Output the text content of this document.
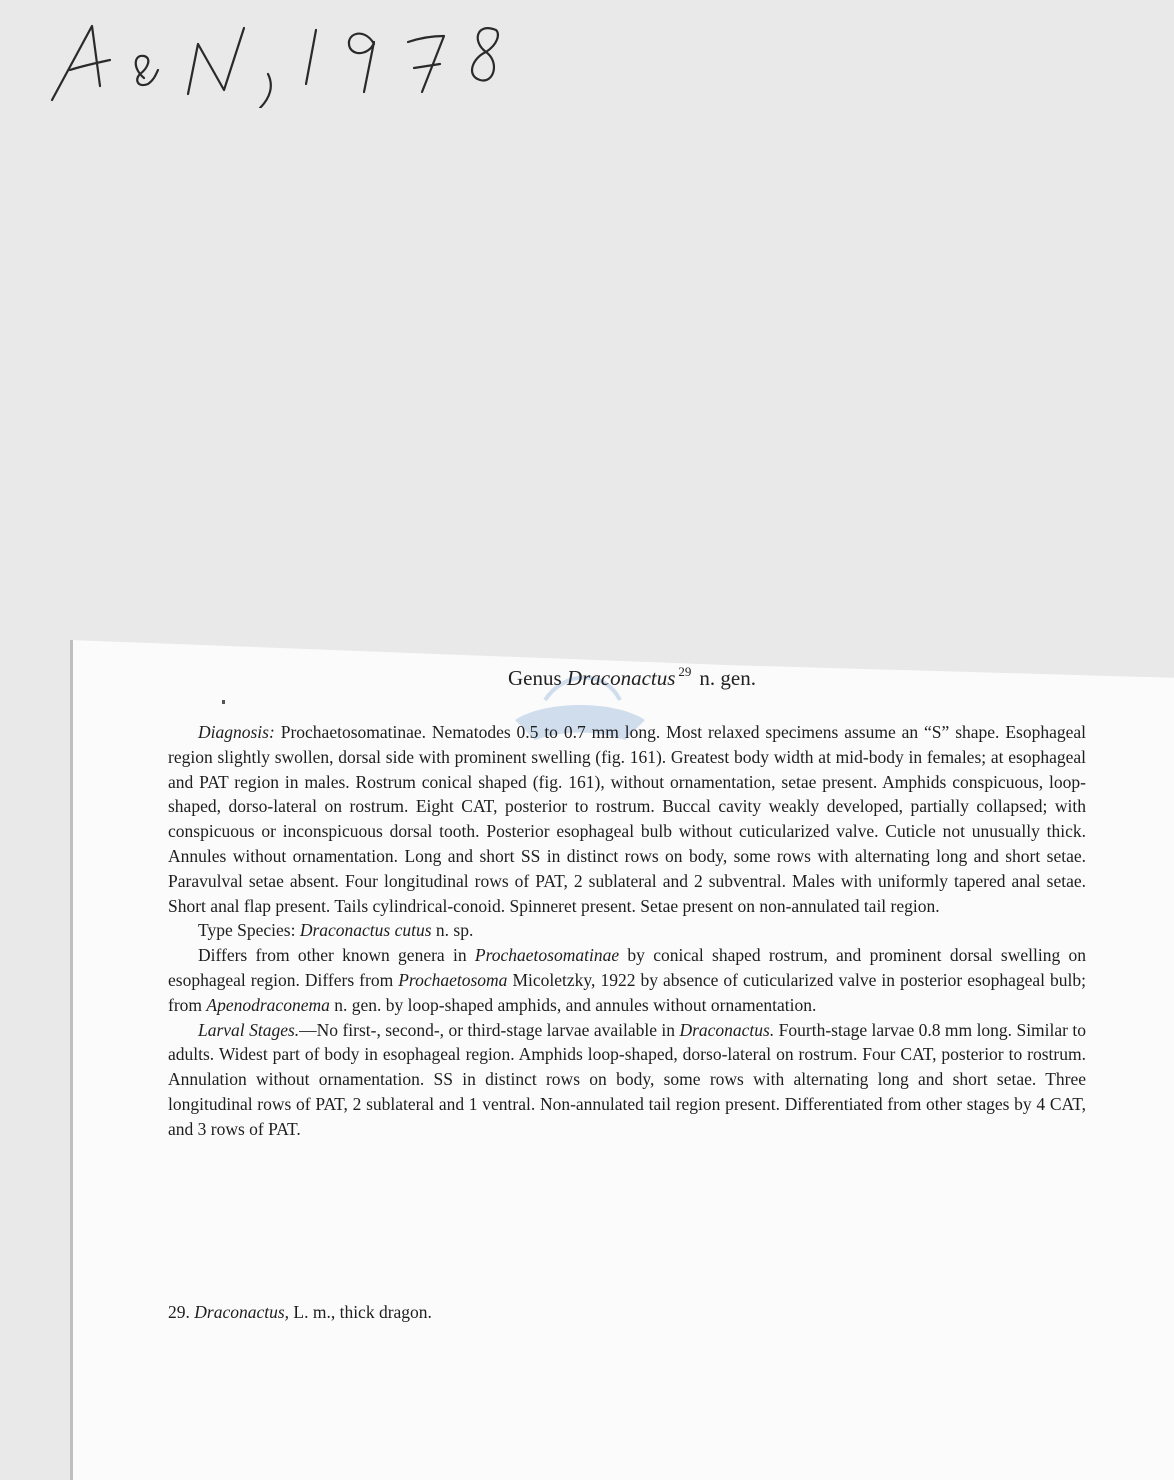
Genus Draconactus $^{29}$ n. gen.

Diagnosis: Prochaetosomatinae. Nematodes 0.5 to 0.7 mm long. Most relaxed specimens assume an “S” shape. Esophageal region slightly swollen, dorsal side with prominent swelling (fig. 161). Greatest body width at mid-body in females; at esophageal and PAT region in males. Rostrum conical shaped (fig. 161), without ornamentation, setae present. Amphids conspicuous, loop-shaped, dorso-lateral on rostrum. Eight CAT, posterior to rostrum. Buccal cavity weakly developed, partially collapsed; with conspicuous or inconspicuous dorsal tooth. Posterior esophageal bulb without cuticularized valve. Cuticle not unusually thick. Annules without ornamentation. Long and short SS in distinct rows on body, some rows with alternating long and short setae. Paravulval setae absent. Four longitudinal rows of PAT, 2 sublateral and 2 subventral. Males with uniformly tapered anal setae. Short anal flap present. Tails cylindrical-conoid. Spinneret present. Setae present on non-annulated tail region.

Type Species: Draconactus cutus n. sp.

Differs from other known genera in Prochaetosomatinae by conical shaped rostrum, and prominent dorsal swelling on esophageal region. Differs from Prochaetosoma Micoletzky, 1922 by absence of cuticularized valve in posterior esophageal bulb; from Apenodraconema n. gen. by loop-shaped amphids, and annules without ornamentation.

Larval Stages.—No first-, second-, or third-stage larvae available in Draconactus. Fourth-stage larvae 0.8 mm long. Similar to adults. Widest part of body in esophageal region. Amphids loop-shaped, dorso-lateral on rostrum. Four CAT, posterior to rostrum. Annulation without ornamentation. SS in distinct rows on body, some rows with alternating long and short setae. Three longitudinal rows of PAT, 2 sublateral and 1 ventral. Non-annulated tail region present. Differentiated from other stages by 4 CAT, and 3 rows of PAT.

29. Draconactus, L. m., thick dragon.
